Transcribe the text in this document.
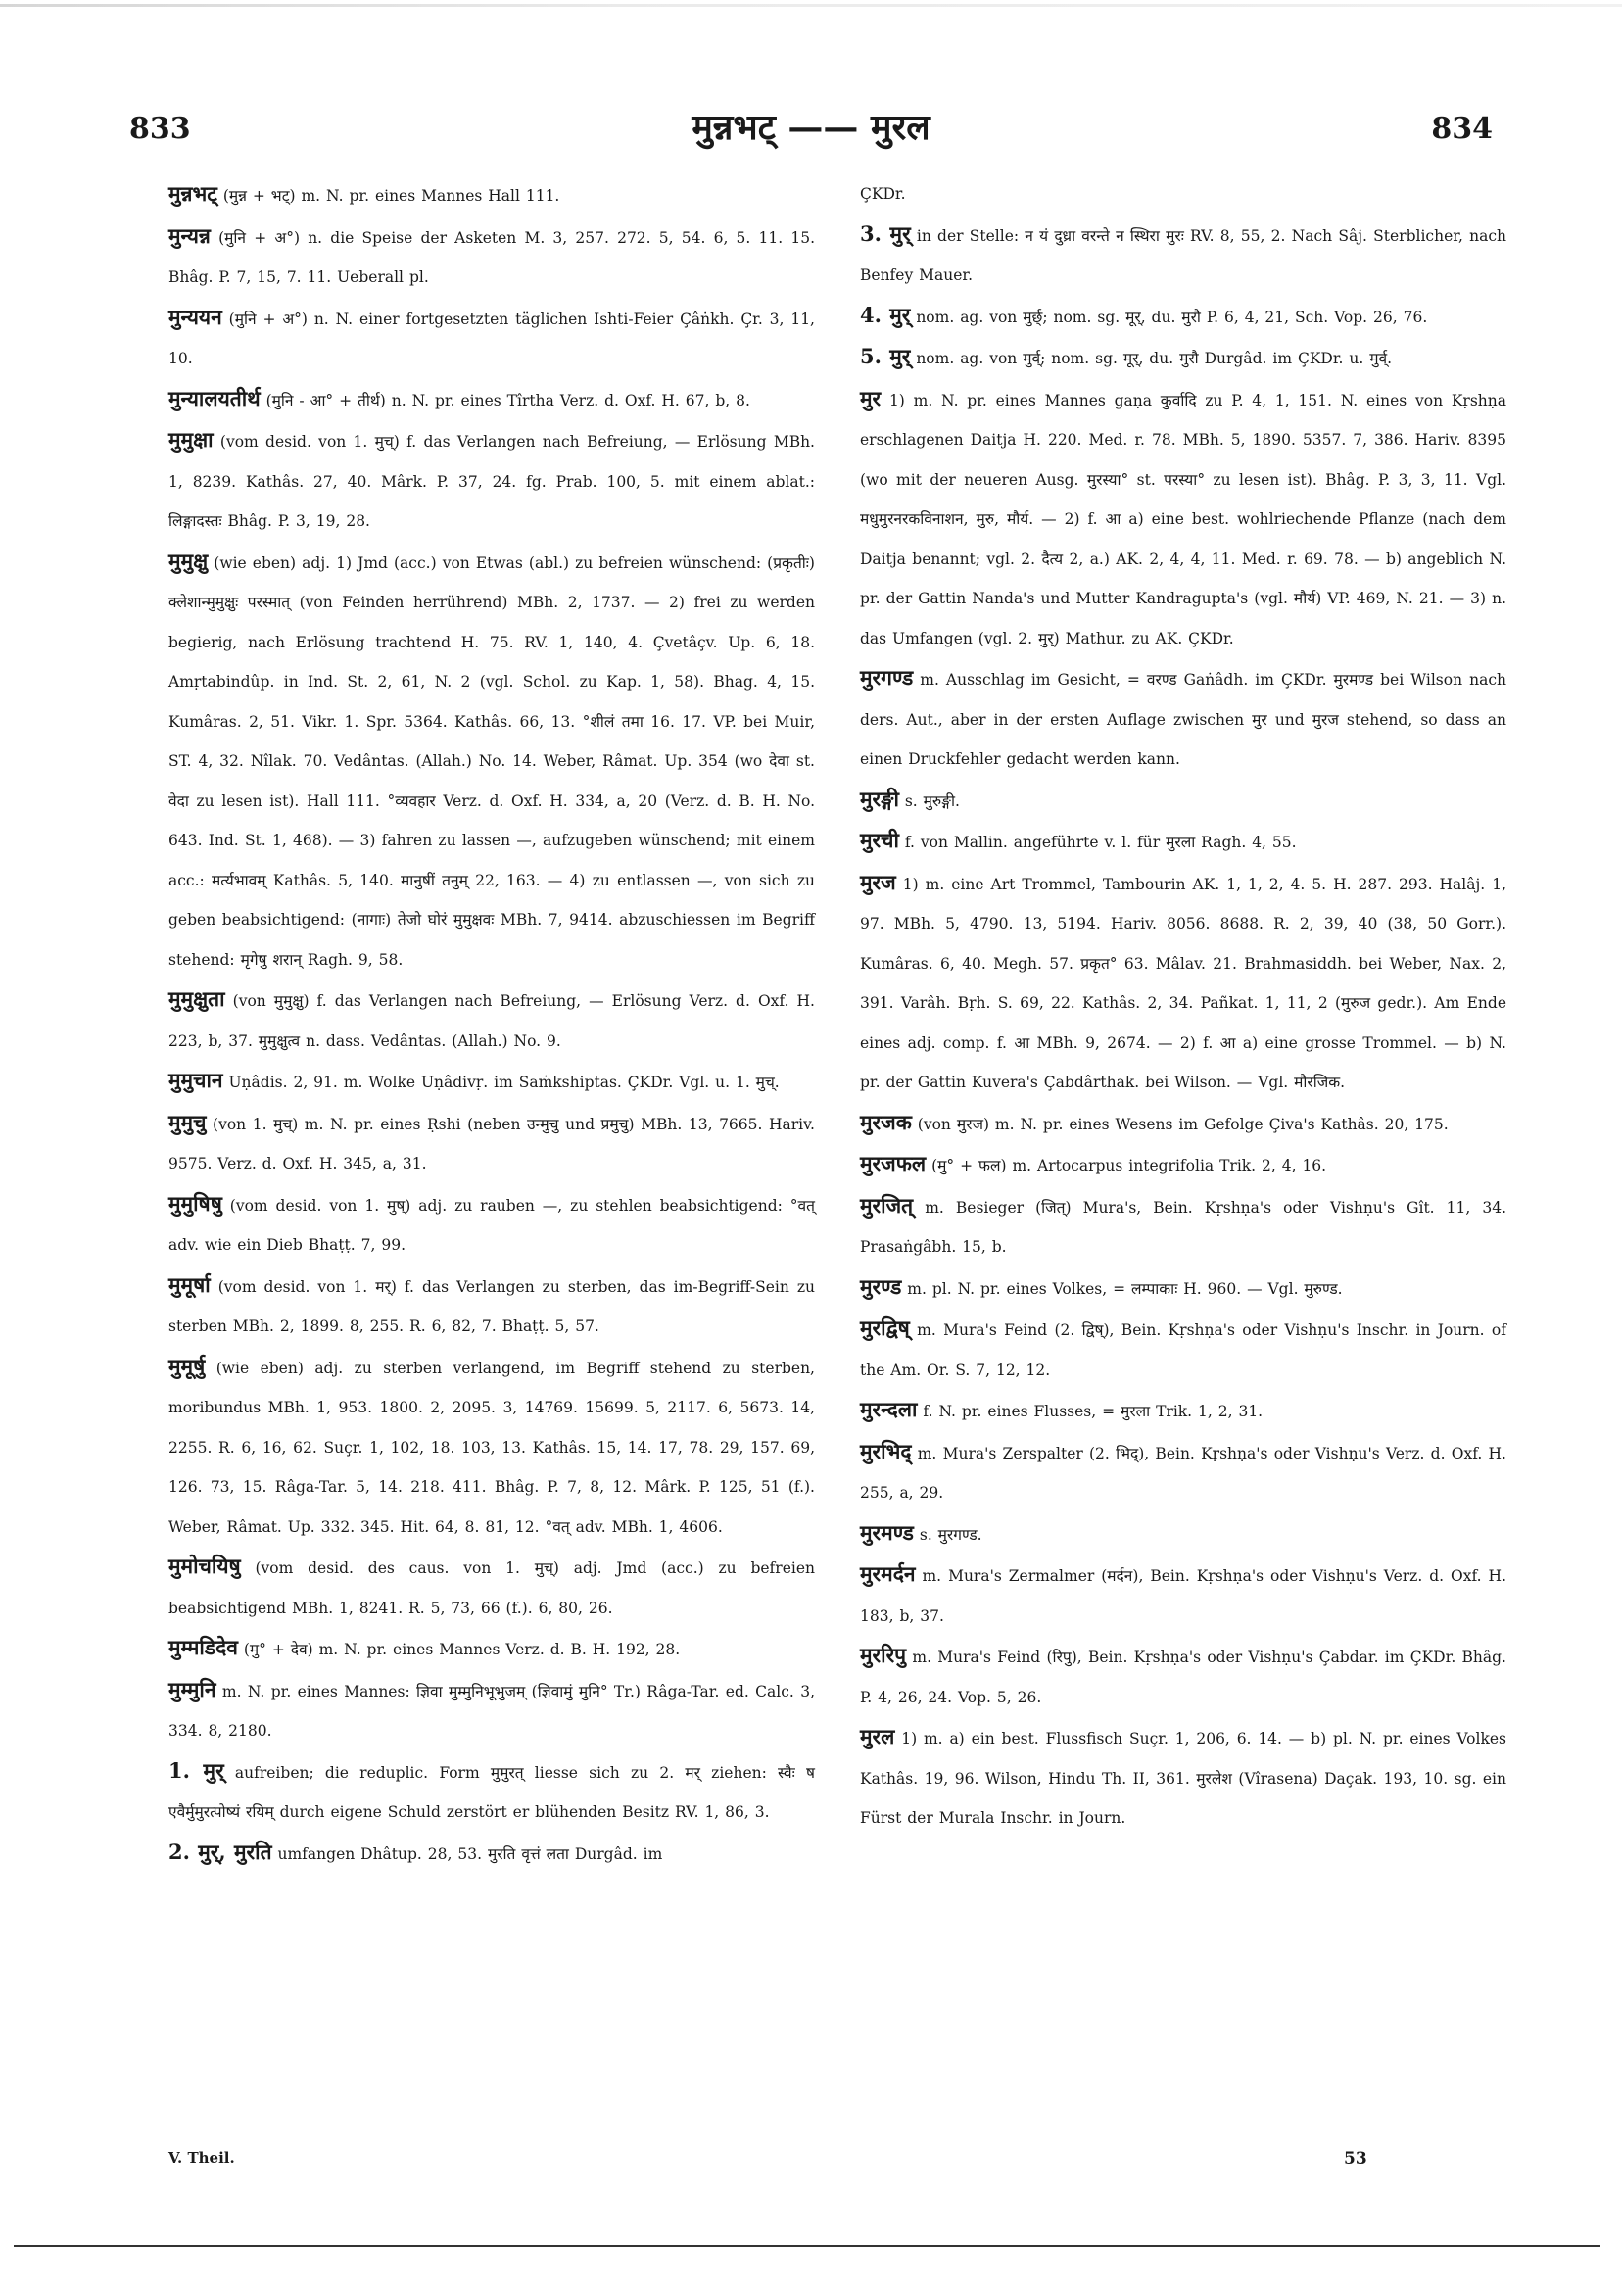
833	मुन्नभट् —— मुरल	834

मुन्नभट् (मुन्न + भट्) m. N. pr. eines Mannes Hall 111.

मुन्यन्न (मुनि + अ°) n. die Speise der Asketen M. 3, 257. 272. 5, 54. 6, 5. 11. 15. Bhâg. P. 7, 15, 7. 11. Ueberall pl.

मुन्ययन (मुनि + अ°) n. N. einer fortgesetzten täglichen Ishti-Feier Çâṅkh. Çr. 3, 11, 10.

मुन्यालयतीर्थ (मुनि - आ° + तीर्थ) n. N. pr. eines Tîrtha Verz. d. Oxf. H. 67, b, 8.

मुमुक्षा (vom desid. von 1. मुच्) f. das Verlangen nach Befreiung, — Erlösung MBh. 1, 8239. Kathâs. 27, 40. Mârk. P. 37, 24. fg. Prab. 100, 5. mit einem ablat.: लिङ्गादस्तः Bhâg. P. 3, 19, 28.

मुमुक्षु (wie eben) adj. 1) Jmd (acc.) von Etwas (abl.) zu befreien wünschend: (प्रकृतीः) क्लेशान्मुमुक्षुः परस्मात् (von Feinden herrührend) MBh. 2, 1737. — 2) frei zu werden begierig, nach Erlösung trachtend H. 75. RV. 1, 140, 4. Çvetâçv. Up. 6, 18. Amṛtabindûp. in Ind. St. 2, 61, N. 2 (vgl. Schol. zu Kap. 1, 58). Bhag. 4, 15. Kumâras. 2, 51. Vikr. 1. Spr. 5364. Kathâs. 66, 13. °शीलं तमा 16. 17. VP. bei Muir, ST. 4, 32. Nîlak. 70. Vedântas. (Allah.) No. 14. Weber, Râmat. Up. 354 (wo देवा st. वेदा zu lesen ist). Hall 111. °व्यवहार Verz. d. Oxf. H. 334, a, 20 (Verz. d. B. H. No. 643. Ind. St. 1, 468). — 3) fahren zu lassen —, aufzugeben wünschend; mit einem acc.: मर्त्यभावम् Kathâs. 5, 140. मानुषीं तनुम् 22, 163. — 4) zu entlassen —, von sich zu geben beabsichtigend: (नागाः) तेजो घोरं मुमुक्षवः MBh. 7, 9414. abzuschiessen im Begriff stehend: मृगेषु शरान् Ragh. 9, 58.

मुमुक्षुता (von मुमुक्षु) f. das Verlangen nach Befreiung, — Erlösung Verz. d. Oxf. H. 223, b, 37. मुमुक्षुत्व n. dass. Vedântas. (Allah.) No. 9.

मुमुचान Uṇâdis. 2, 91. m. Wolke Uṇâdivṛ. im Saṁkshiptas. ÇKDr. Vgl. u. 1. मुच्.

मुमुचु (von 1. मुच्) m. N. pr. eines Ṛshi (neben उन्मुचु und प्रमुचु) MBh. 13, 7665. Hariv. 9575. Verz. d. Oxf. H. 345, a, 31.

मुमुषिषु (vom desid. von 1. मुष्) adj. zu rauben —, zu stehlen beabsichtigend: °वत् adv. wie ein Dieb Bhaṭṭ. 7, 99.

मुमूर्षा (vom desid. von 1. मर्) f. das Verlangen zu sterben, das im-Begriff-Sein zu sterben MBh. 2, 1899. 8, 255. R. 6, 82, 7. Bhaṭṭ. 5, 57.

मुमूर्षु (wie eben) adj. zu sterben verlangend, im Begriff stehend zu sterben, moribundus MBh. 1, 953. 1800. 2, 2095. 3, 14769. 15699. 5, 2117. 6, 5673. 14, 2255. R. 6, 16, 62. Suçr. 1, 102, 18. 103, 13. Kathâs. 15, 14. 17, 78. 29, 157. 69, 126. 73, 15. Râga-Tar. 5, 14. 218. 411. Bhâg. P. 7, 8, 12. Mârk. P. 125, 51 (f.). Weber, Râmat. Up. 332. 345. Hit. 64, 8. 81, 12. °वत् adv. MBh. 1, 4606.

मुमोचयिषु (vom desid. des caus. von 1. मुच्) adj. Jmd (acc.) zu befreien beabsichtigend MBh. 1, 8241. R. 5, 73, 66 (f.). 6, 80, 26.

मुम्मडिदेव (मु° + देव) m. N. pr. eines Mannes Verz. d. B. H. 192, 28.

मुम्मुनि m. N. pr. eines Mannes: ज्ञिवा मुम्मुनिभूभुजम् (ज्ञिवामुं मुनि° Tr.) Râga-Tar. ed. Calc. 3, 334. 8, 2180.

1. मुर् aufreiben; die reduplic. Form मुमुरत् liesse sich zu 2. मर् ziehen: स्वैः ष एवैर्मुमुरत्पोष्यं रयिम् durch eigene Schuld zerstört er blühenden Besitz RV. 1, 86, 3.

2. मुर्, मुरति umfangen Dhâtup. 28, 53. मुरति वृत्तं लता Durgâd. im

ÇKDr.

3. मुर् in der Stelle: न यं दुध्रा वरन्ते न स्थिरा मुरः RV. 8, 55, 2. Nach Sâj. Sterblicher, nach Benfey Mauer.

4. मुर् nom. ag. von मुर्छ्; nom. sg. मूर्, du. मुरौ P. 6, 4, 21, Sch. Vop. 26, 76.

5. मुर् nom. ag. von मुर्व्; nom. sg. मूर्, du. मुरौ Durgâd. im ÇKDr. u. मुर्व्.

मुर 1) m. N. pr. eines Mannes gaṇa कुर्वादि zu P. 4, 1, 151. N. eines von Kṛshṇa erschlagenen Daitja H. 220. Med. r. 78. MBh. 5, 1890. 5357. 7, 386. Hariv. 8395 (wo mit der neueren Ausg. मुरस्या° st. परस्या° zu lesen ist). Bhâg. P. 3, 3, 11. Vgl. मधुमुरनरकविनाशन, मुरु, मौर्य. — 2) f. आ a) eine best. wohlriechende Pflanze (nach dem Daitja benannt; vgl. 2. दैत्य 2, a.) AK. 2, 4, 4, 11. Med. r. 69. 78. — b) angeblich N. pr. der Gattin Nanda's und Mutter Kandragupta's (vgl. मौर्य) VP. 469, N. 21. — 3) n. das Umfangen (vgl. 2. मुर्) Mathur. zu AK. ÇKDr.

मुरगण्ड m. Ausschlag im Gesicht, = वरण्ड Gaṅâdh. im ÇKDr. मुरमण्ड bei Wilson nach ders. Aut., aber in der ersten Auflage zwischen मुर und मुरज stehend, so dass an einen Druckfehler gedacht werden kann.

मुरङ्गी s. मुरुङ्गी.

मुरची f. von Mallin. angeführte v. l. für मुरला Ragh. 4, 55.

मुरज 1) m. eine Art Trommel, Tambourin AK. 1, 1, 2, 4. 5. H. 287. 293. Halâj. 1, 97. MBh. 5, 4790. 13, 5194. Hariv. 8056. 8688. R. 2, 39, 40 (38, 50 Gorr.). Kumâras. 6, 40. Megh. 57. प्रकृत° 63. Mâlav. 21. Brahmasiddh. bei Weber, Nax. 2, 391. Varâh. Bṛh. S. 69, 22. Kathâs. 2, 34. Pañkat. 1, 11, 2 (मुरुज gedr.). Am Ende eines adj. comp. f. आ MBh. 9, 2674. — 2) f. आ a) eine grosse Trommel. — b) N. pr. der Gattin Kuvera's Çabdârthak. bei Wilson. — Vgl. मौरजिक.

मुरजक (von मुरज) m. N. pr. eines Wesens im Gefolge Çiva's Kathâs. 20, 175.

मुरजफल (मु° + फल) m. Artocarpus integrifolia Trik. 2, 4, 16.

मुरजित् m. Besieger (जित्) Mura's, Bein. Kṛshṇa's oder Vishṇu's Gît. 11, 34. Prasaṅgâbh. 15, b.

मुरण्ड m. pl. N. pr. eines Volkes, = लम्पाकाः H. 960. — Vgl. मुरुण्ड.

मुरद्विष् m. Mura's Feind (2. द्विष्), Bein. Kṛshṇa's oder Vishṇu's Inschr. in Journ. of the Am. Or. S. 7, 12, 12.

मुरन्दला f. N. pr. eines Flusses, = मुरला Trik. 1, 2, 31.

मुरभिद् m. Mura's Zerspalter (2. भिद्), Bein. Kṛshṇa's oder Vishṇu's Verz. d. Oxf. H. 255, a, 29.

मुरमण्ड s. मुरगण्ड.

मुरमर्दन m. Mura's Zermalmer (मर्दन), Bein. Kṛshṇa's oder Vishṇu's Verz. d. Oxf. H. 183, b, 37.

मुररिपु m. Mura's Feind (रिपु), Bein. Kṛshṇa's oder Vishṇu's Çabdar. im ÇKDr. Bhâg. P. 4, 26, 24. Vop. 5, 26.

मुरल 1) m. a) ein best. Flussfisch Suçr. 1, 206, 6. 14. — b) pl. N. pr. eines Volkes Kathâs. 19, 96. Wilson, Hindu Th. II, 361. मुरलेश (Vîrasena) Daçak. 193, 10. sg. ein Fürst der Murala Inschr. in Journ.

V. Theil.	53
